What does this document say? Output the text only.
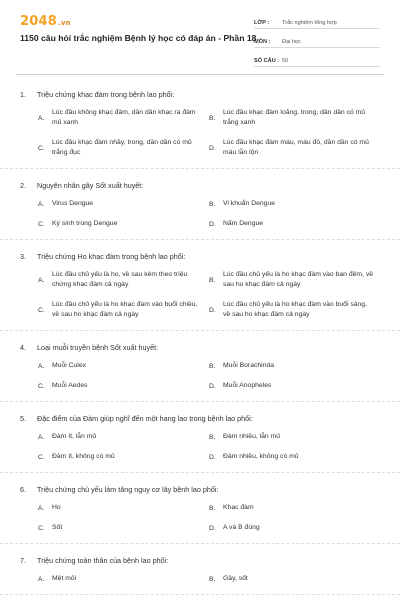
2048.vn
1150 câu hỏi trắc nghiệm Bệnh lý học có đáp án - Phần 18
LỚP :	Trắc nghiệm tổng hợp
MÔN :	Đại học
SỐ CÂU : 50
1.	Triệu chứng khạc đàm trong bệnh lao phổi:
A.
Lúc đầu không khạc đàm, dần dần khạc ra đàm mủ xanh
B.
Lúc đầu khạc đàm loãng, trong, dần dần có mủ trắng xanh
C.
Lúc đầu khạc đàm nhầy, trong, dần dần có mủ trắng đục
D.
Lúc đầu khạc đàm máu, máu đỏ, dần dần có mủ máu lẫn lộn
2.	Nguyên nhân gây Sốt xuất huyết:
A.	Virus Dengue	B.	Vi khuẩn Dengue
C.	Ký sinh trùng Dengue	D.	Nấm Dengue
3.	Triệu chứng Ho khạc đàm trong bệnh lao phổi:
A.
Lúc đầu chủ yếu là ho, về sau kèm theo triệu chứng khạc đàm cả ngày
B.
Lúc đầu chủ yếu là ho khạc đàm vào ban đêm, về sau ho khạc đàm cả ngày
C.
Lúc đầu chủ yếu là ho khạc đàm vào buổi chiều, về sau ho khạc đàm cả ngày
D.
Lúc đầu chủ yếu là ho khạc đàm vào buổi sáng, về sau ho khạc đàm cả ngày
4.	Loại muỗi truyền bệnh Sốt xuất huyết:
A.	Muỗi Culex	B.	Muỗi Borachinda
C.	Muỗi Aedes	D.	Muỗi Anopheles
5.	Đặc điểm của Đàm giúp nghĩ đến một hang lao trong bệnh lao phổi:
A.	Đàm ít, lẫn mủ	B.	Đàm nhiều, lẫn mủ
C.	Đàm ít, không có mủ	D.	Đàm nhiều, không có mủ
6.	Triệu chứng chủ yếu làm tăng nguy cơ lây bệnh lao phổi:
A.	Ho	B.	Khạc đàm
C.	Sốt	D.	A và B đúng
7.	Triệu chứng toàn thân của bệnh lao phổi:
A.	Mệt mỏi	B.	Gầy, sốt
